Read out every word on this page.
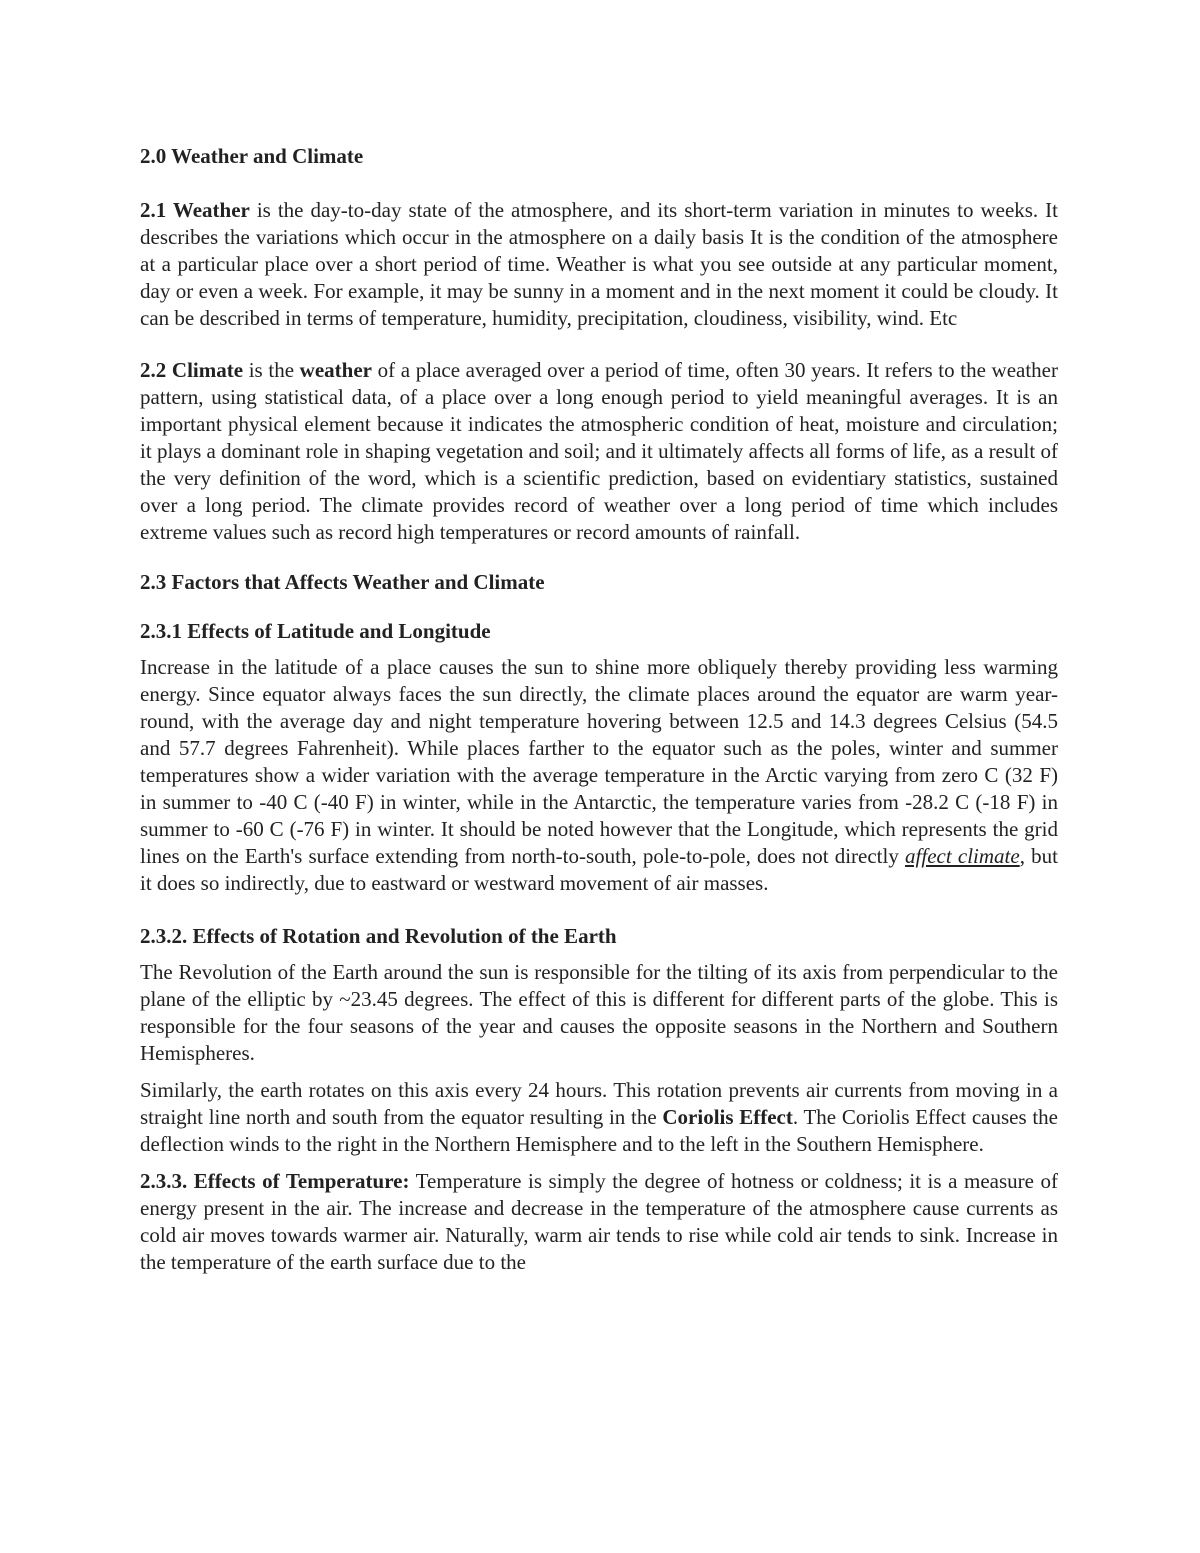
2.0 Weather and Climate

2.1 Weather is the day-to-day state of the atmosphere, and its short-term variation in minutes to weeks. It describes the variations which occur in the atmosphere on a daily basis It is the condition of the atmosphere at a particular place over a short period of time. Weather is what you see outside at any particular moment, day or even a week. For example, it may be sunny in a moment and in the next moment it could be cloudy. It can be described in terms of temperature, humidity, precipitation, cloudiness, visibility, wind. Etc

2.2 Climate is the weather of a place averaged over a period of time, often 30 years. It refers to the weather pattern, using statistical data, of a place over a long enough period to yield meaningful averages. It is an important physical element because it indicates the atmospheric condition of heat, moisture and circulation; it plays a dominant role in shaping vegetation and soil; and it ultimately affects all forms of life, as a result of the very definition of the word, which is a scientific prediction, based on evidentiary statistics, sustained over a long period. The climate provides record of weather over a long period of time which includes extreme values such as record high temperatures or record amounts of rainfall.

2.3 Factors that Affects Weather and Climate

2.3.1 Effects of Latitude and Longitude

Increase in the latitude of a place causes the sun to shine more obliquely thereby providing less warming energy. Since equator always faces the sun directly, the climate places around the equator are warm year-round, with the average day and night temperature hovering between 12.5 and 14.3 degrees Celsius (54.5 and 57.7 degrees Fahrenheit). While places farther to the equator such as the poles, winter and summer temperatures show a wider variation with the average temperature in the Arctic varying from zero C (32 F) in summer to -40 C (-40 F) in winter, while in the Antarctic, the temperature varies from -28.2 C (-18 F) in summer to -60 C (-76 F) in winter. It should be noted however that the Longitude, which represents the grid lines on the Earth's surface extending from north-to-south, pole-to-pole, does not directly affect climate, but it does so indirectly, due to eastward or westward movement of air masses.

2.3.2. Effects of Rotation and Revolution of the Earth

The Revolution of the Earth around the sun is responsible for the tilting of its axis from perpendicular to the plane of the elliptic by ~23.45 degrees. The effect of this is different for different parts of the globe. This is responsible for the four seasons of the year and causes the opposite seasons in the Northern and Southern Hemispheres.

Similarly, the earth rotates on this axis every 24 hours. This rotation prevents air currents from moving in a straight line north and south from the equator resulting in the Coriolis Effect. The Coriolis Effect causes the deflection winds to the right in the Northern Hemisphere and to the left in the Southern Hemisphere.

2.3.3. Effects of Temperature: Temperature is simply the degree of hotness or coldness; it is a measure of energy present in the air. The increase and decrease in the temperature of the atmosphere cause currents as cold air moves towards warmer air. Naturally, warm air tends to rise while cold air tends to sink. Increase in the temperature of the earth surface due to the
